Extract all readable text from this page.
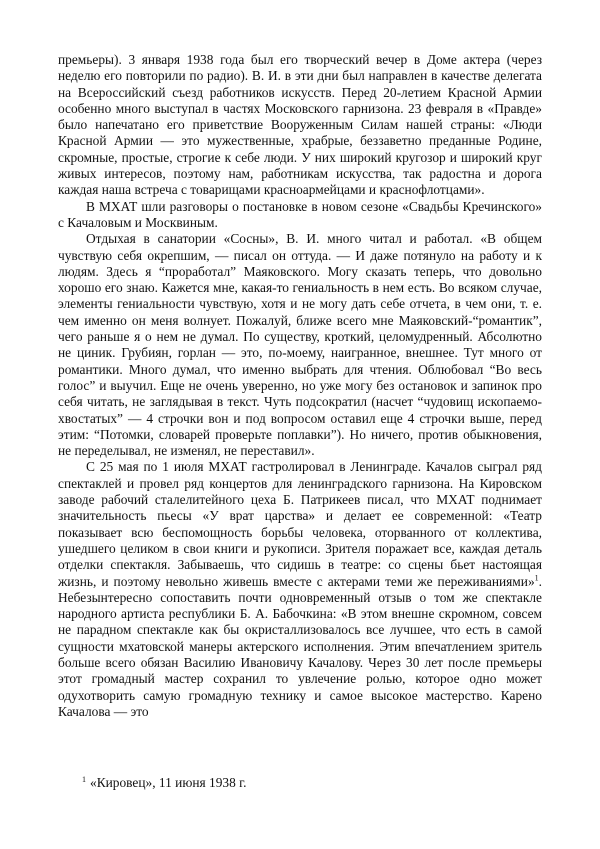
премьеры). 3 января 1938 года был его творческий вечер в Доме актера (через неделю его повторили по радио). В. И. в эти дни был направлен в качестве делегата на Всероссийский съезд работников искусств. Перед 20-летием Красной Армии особенно много выступал в частях Московского гарнизона. 23 февраля в «Правде» было напечатано его приветствие Вооруженным Силам нашей страны: «Люди Красной Армии — это мужественные, храбрые, беззаветно преданные Родине, скромные, простые, строгие к себе люди. У них широкий кругозор и широкий круг живых интересов, поэтому нам, работникам искусства, так радостна и дорога каждая наша встреча с товарищами красноармейцами и краснофлотцами».

В МХАТ шли разговоры о постановке в новом сезоне «Свадьбы Кречинского» с Качаловым и Москвиным.

Отдыхая в санатории «Сосны», В. И. много читал и работал. «В общем чувствую себя окрепшим, — писал он оттуда. — И даже потянуло на работу и к людям. Здесь я “проработал” Маяковского. Могу сказать теперь, что довольно хорошо его знаю. Кажется мне, какая-то гениальность в нем есть. Во всяком случае, элементы гениальности чувствую, хотя и не могу дать себе отчета, в чем они, т. е. чем именно он меня волнует. Пожалуй, ближе всего мне Маяковский-“романтик”, чего раньше я о нем не думал. По существу, кроткий, целомудренный. Абсолютно не циник. Грубиян, горлан — это, по-моему, наигранное, внешнее. Тут много от романтики. Много думал, что именно выбрать для чтения. Облюбовал “Во весь голос” и выучил. Еще не очень уверенно, но уже могу без остановок и запинок про себя читать, не заглядывая в текст. Чуть подсократил (насчет “чудовищ ископаемо-хвостатых” — 4 строчки вон и под вопросом оставил еще 4 строчки выше, перед этим: “Потомки, словарей проверьте поплавки”). Но ничего, против обыкновения, не переделывал, не изменял, не переставил».

С 25 мая по 1 июля МХАТ гастролировал в Ленинграде. Качалов сыграл ряд спектаклей и провел ряд концертов для ленинградского гарнизона. На Кировском заводе рабочий сталелитейного цеха Б. Патрикеев писал, что МХАТ поднимает значительность пьесы «У врат царства» и делает ее современной: «Театр показывает всю беспомощность борьбы человека, оторванного от коллектива, ушедшего целиком в свои книги и рукописи. Зрителя поражает все, каждая деталь отделки спектакля. Забываешь, что сидишь в театре: со сцены бьет настоящая жизнь, и поэтому невольно живешь вместе с актерами теми же переживаниями»$^1$. Небезынтересно сопоставить почти одновременный отзыв о том же спектакле народного артиста республики Б. А. Бабочкина: «В этом внешне скромном, совсем не парадном спектакле как бы окристаллизовалось все лучшее, что есть в самой сущности мхатовской манеры актерского исполнения. Этим впечатлением зритель больше всего обязан Василию Ивановичу Качалову. Через 30 лет после премьеры этот громадный мастер сохранил то увлечение ролью, которое одно может одухотворить самую громадную технику и самое высокое мастерство. Карено Качалова — это

$^1$ «Кировец», 11 июня 1938 г.
